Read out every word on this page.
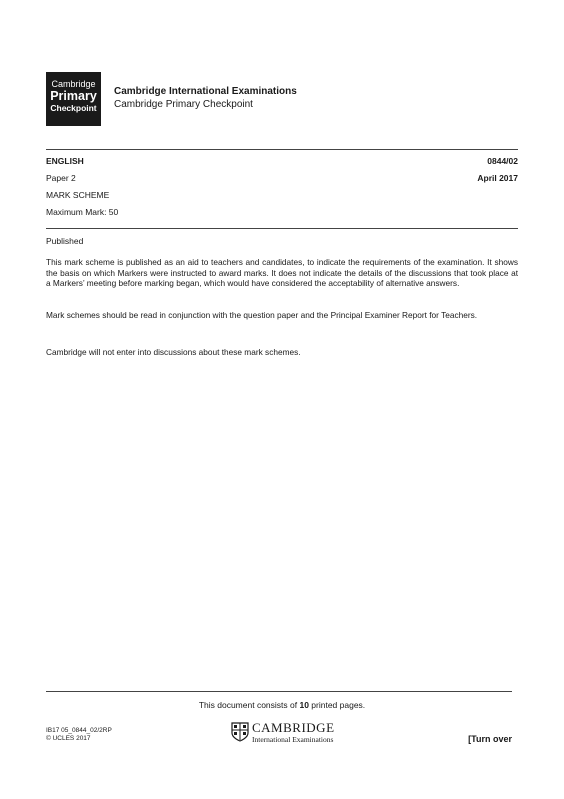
Cambridge
Primary
Checkpoint
Cambridge International Examinations
Cambridge Primary Checkpoint
ENGLISH
Paper 2
MARK SCHEME
Maximum Mark: 50
0844/02
April 2017
Published
This mark scheme is published as an aid to teachers and candidates, to indicate the requirements of the examination. It shows the basis on which Markers were instructed to award marks. It does not indicate the details of the discussions that took place at a Markers’ meeting before marking began, which would have considered the acceptability of alternative answers.
Mark schemes should be read in conjunction with the question paper and the Principal Examiner Report for Teachers.
Cambridge will not enter into discussions about these mark schemes.
This document consists of 10 printed pages.
IB17 05_0844_02/2RP
© UCLES 2017
CAMBRIDGE
International Examinations	[Turn over
